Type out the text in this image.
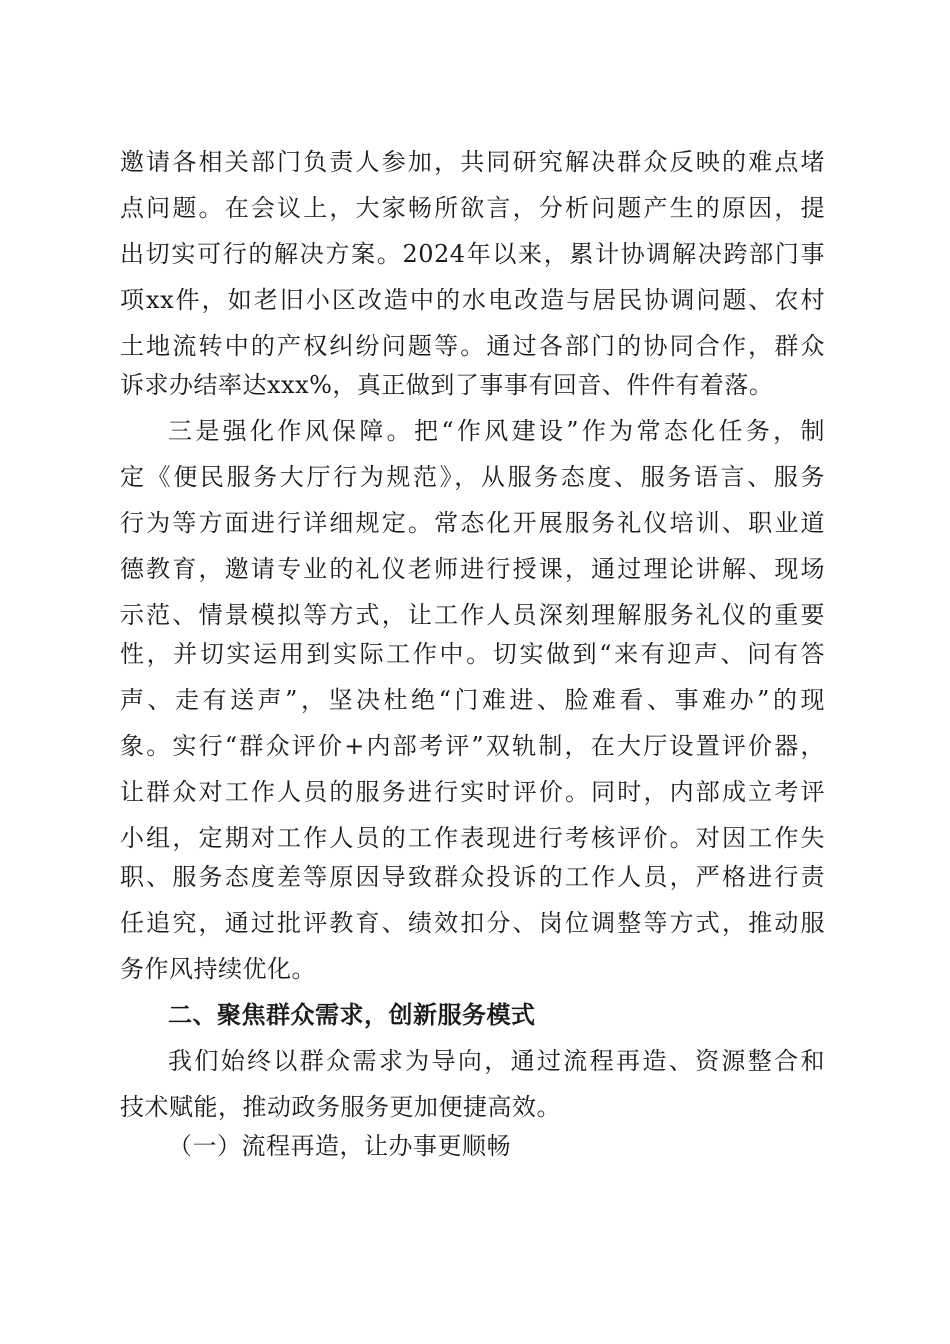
邀请各相关部门负责人参加，共同研究解决群众反映的难点堵
点问题。在会议上，大家畅所欲言，分析问题产生的原因，提
出切实可行的解决方案。2024年以来，累计协调解决跨部门事
项xx件，如老旧小区改造中的水电改造与居民协调问题、农村
土地流转中的产权纠纷问题等。通过各部门的协同合作，群众
诉求办结率达xxx%，真正做到了事事有回音、件件有着落。
三是强化作风保障。把“作风建设”作为常态化任务，制
定《便民服务大厅行为规范》，从服务态度、服务语言、服务
行为等方面进行详细规定。常态化开展服务礼仪培训、职业道
德教育，邀请专业的礼仪老师进行授课，通过理论讲解、现场
示范、情景模拟等方式，让工作人员深刻理解服务礼仪的重要
性，并切实运用到实际工作中。切实做到“来有迎声、问有答
声、走有送声”，坚决杜绝“门难进、脸难看、事难办”的现
象。实行“群众评价+内部考评”双轨制，在大厅设置评价器，
让群众对工作人员的服务进行实时评价。同时，内部成立考评
小组，定期对工作人员的工作表现进行考核评价。对因工作失
职、服务态度差等原因导致群众投诉的工作人员，严格进行责
任追究，通过批评教育、绩效扣分、岗位调整等方式，推动服
务作风持续优化。
二、聚焦群众需求，创新服务模式
我们始终以群众需求为导向，通过流程再造、资源整合和
技术赋能，推动政务服务更加便捷高效。
（一）流程再造，让办事更顺畅
